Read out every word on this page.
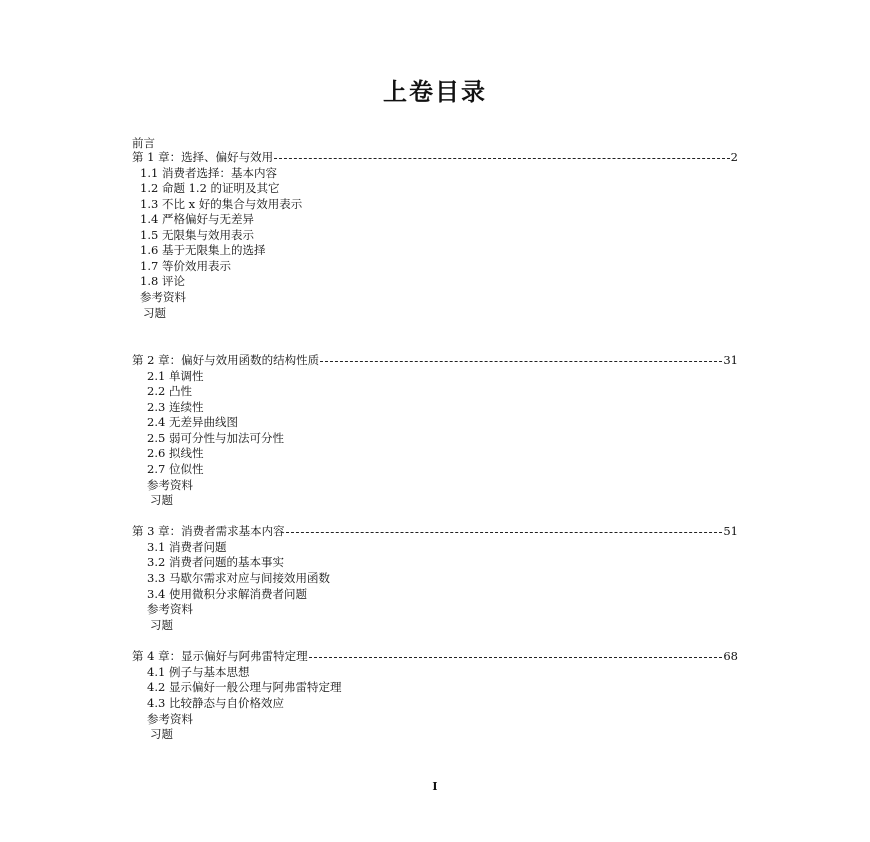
上卷目录
前言
第 1 章：选择、偏好与效用	2
1.1 消费者选择：基本内容
1.2 命题 1.2 的证明及其它
1.3 不比 x 好的集合与效用表示
1.4 严格偏好与无差异
1.5 无限集与效用表示
1.6 基于无限集上的选择
1.7 等价效用表示
1.8 评论
参考资料
习题
第 2 章：偏好与效用函数的结构性质	31
2.1 单调性
2.2 凸性
2.3 连续性
2.4 无差异曲线图
2.5 弱可分性与加法可分性
2.6 拟线性
2.7 位似性
参考资料
习题
第 3 章：消费者需求基本内容	51
3.1 消费者问题
3.2 消费者问题的基本事实
3.3 马歇尔需求对应与间接效用函数
3.4 使用微积分求解消费者问题
参考资料
习题
第 4 章：显示偏好与阿弗雷特定理	68
4.1 例子与基本思想
4.2 显示偏好一般公理与阿弗雷特定理
4.3 比较静态与自价格效应
参考资料
习题
I
